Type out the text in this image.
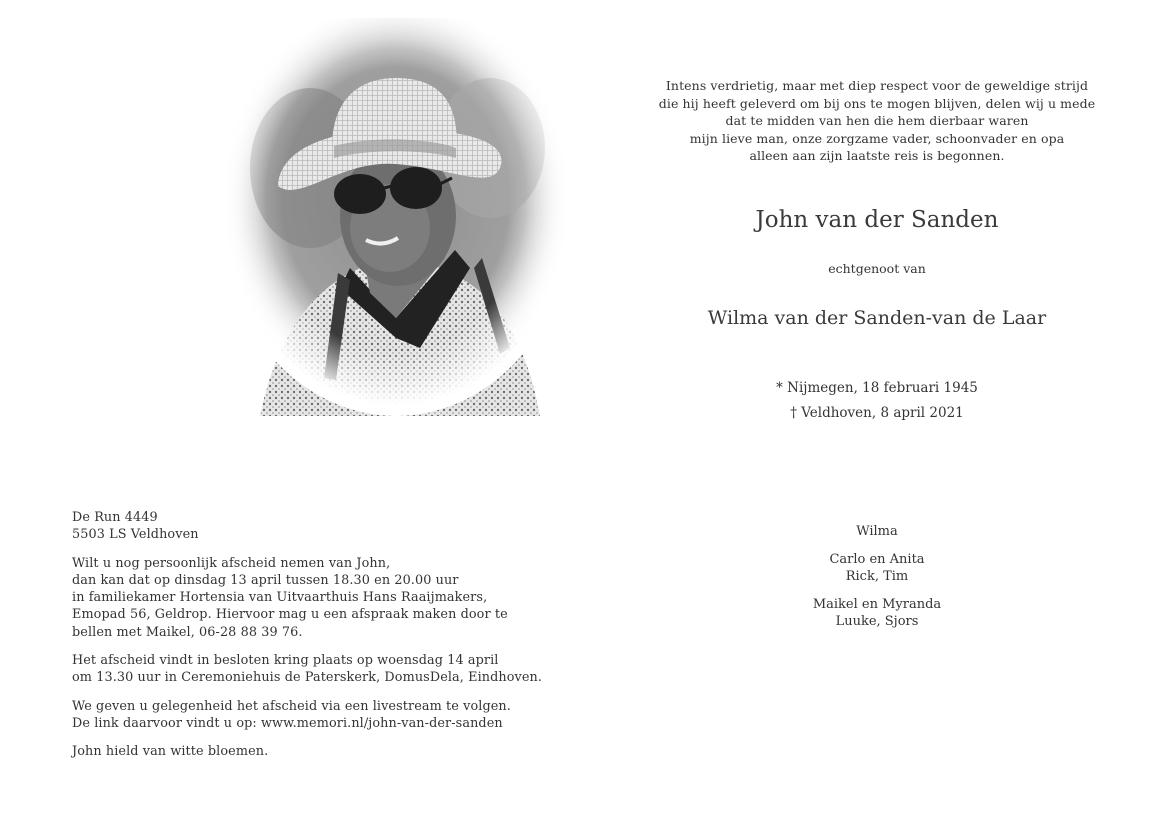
Intens verdrietig, maar met diep respect voor de geweldige strijd
die hij heeft geleverd om bij ons te mogen blijven, delen wij u mede
dat te midden van hen die hem dierbaar waren
mijn lieve man, onze zorgzame vader, schoonvader en opa
alleen aan zijn laatste reis is begonnen.
John van der Sanden
echtgenoot van
Wilma van der Sanden-van de Laar
* Nijmegen, 18 februari 1945
† Veldhoven, 8 april 2021
Wilma
Carlo en Anita
Rick, Tim
Maikel en Myranda
Luuke, Sjors
De Run 4449
5503 LS Veldhoven
Wilt u nog persoonlijk afscheid nemen van John,
dan kan dat op dinsdag 13 april tussen 18.30 en 20.00 uur
in familiekamer Hortensia van Uitvaarthuis Hans Raaijmakers,
Emopad 56, Geldrop. Hiervoor mag u een afspraak maken door te
bellen met Maikel, 06-28 88 39 76.
Het afscheid vindt in besloten kring plaats op woensdag 14 april
om 13.30 uur in Ceremoniehuis de Paterskerk, DomusDela, Eindhoven.
We geven u gelegenheid het afscheid via een livestream te volgen.
De link daarvoor vindt u op: www.memori.nl/john-van-der-sanden
John hield van witte bloemen.
